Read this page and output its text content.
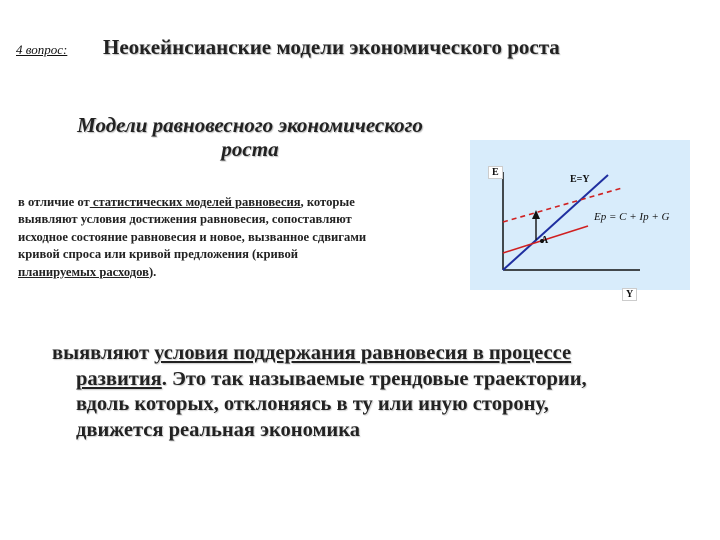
4 вопрос: Неокейнсианские модели экономического роста
Модели равновесного экономического
роста
в отличие от статистических моделей равновесия, которые
выявляют условия достижения равновесия, сопоставляют
исходное состояние равновесия и новое, вызванное сдвигами
кривой спроса или кривой предложения (кривой
планируемых расходов).
E
E=Y
A
Y
Ep = C + Ip + G
выявляют условия поддержания равновесия в процессе
развития. Это так называемые трендовые траектории,
вдоль которых, отклоняясь в ту или иную сторону,
движется реальная экономика
